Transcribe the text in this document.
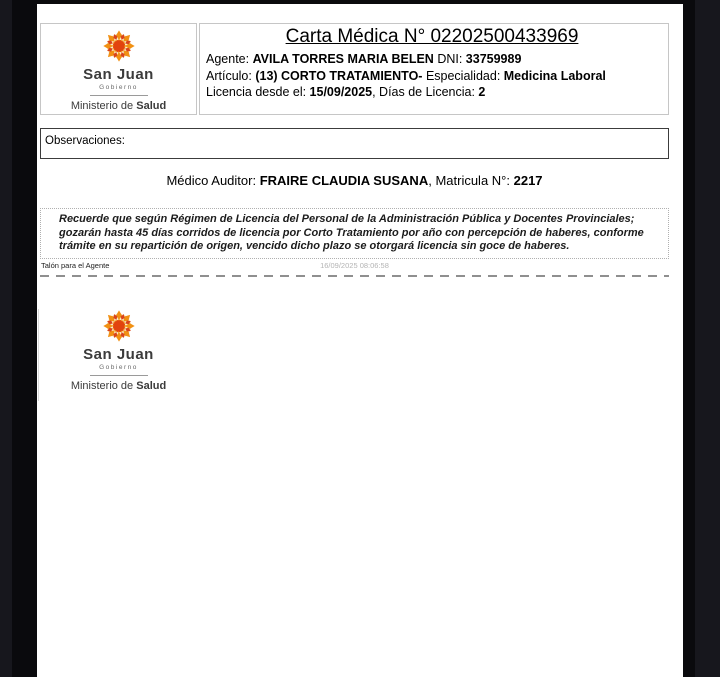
San Juan
Gobierno
Ministerio de Salud
Carta Médica N° 02202500433969
Agente: AVILA TORRES MARIA BELEN DNI: 33759989
Artículo: (13) CORTO TRATAMIENTO- Especialidad: Medicina Laboral
Licencia desde el: 15/09/2025, Días de Licencia: 2
Observaciones:
Médico Auditor: FRAIRE CLAUDIA SUSANA, Matricula N°: 2217
Recuerde que según Régimen de Licencia del Personal de la Administración Pública y Docentes Provinciales; gozarán hasta 45 días corridos de licencia por Corto Tratamiento por año con percepción de haberes, conforme trámite en su repartición de origen, vencido dicho plazo se otorgará licencia sin goce de haberes.
Talón para el Agente	16/09/2025 08:06:58
San Juan
Gobierno
Ministerio de Salud
